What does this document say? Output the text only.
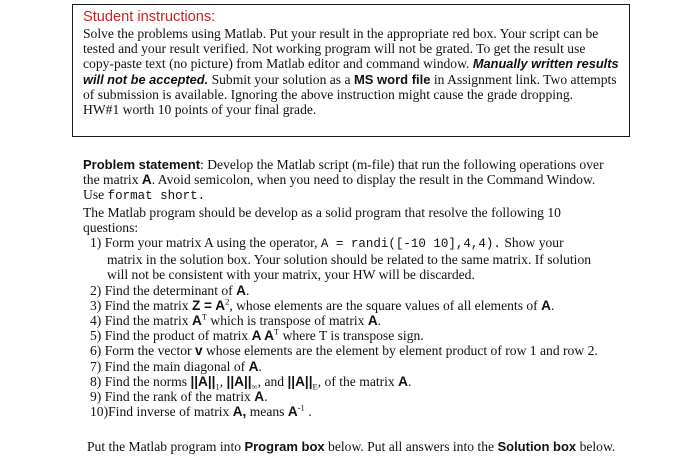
Student instructions:
Solve the problems using Matlab. Put your result in the appropriate red box. Your script can be
tested and your result verified. Not working program will not be grated. To get the result use
copy-paste text (no picture) from Matlab editor and command window. Manually written results
will not be accepted. Submit your solution as a MS word file in Assignment link. Two attempts
of submission is available. Ignoring the above instruction might cause the grade dropping.
HW#1 worth 10 points of your final grade.
Problem statement: Develop the Matlab script (m-file) that run the following operations over
the matrix A. Avoid semicolon, when you need to display the result in the Command Window.
Use format short.
The Matlab program should be develop as a solid program that resolve the following 10
questions:
1) Form your matrix A using the operator, A = randi([-10 10],4,4). Show your
matrix in the solution box. Your solution should be related to the same matrix. If solution
will not be consistent with your matrix, your HW will be discarded.
2) Find the determinant of A.
3) Find the matrix $Z = A^2$, whose elements are the square values of all elements of A.
4) Find the matrix $A^T$ which is transpose of matrix A.
5) Find the product of matrix A $A^T$ where T is transpose sign.
6) Form the vector v whose elements are the element by element product of row 1 and row 2.
7) Find the main diagonal of A.
8) Find the norms $||A||_1$, $||A||_\infty$, and $||A||_E$, of the matrix A.
9) Find the rank of the matrix A.
10)Find inverse of matrix A, means $A^{-1}$ .
Put the Matlab program into Program box below. Put all answers into the Solution box below.
